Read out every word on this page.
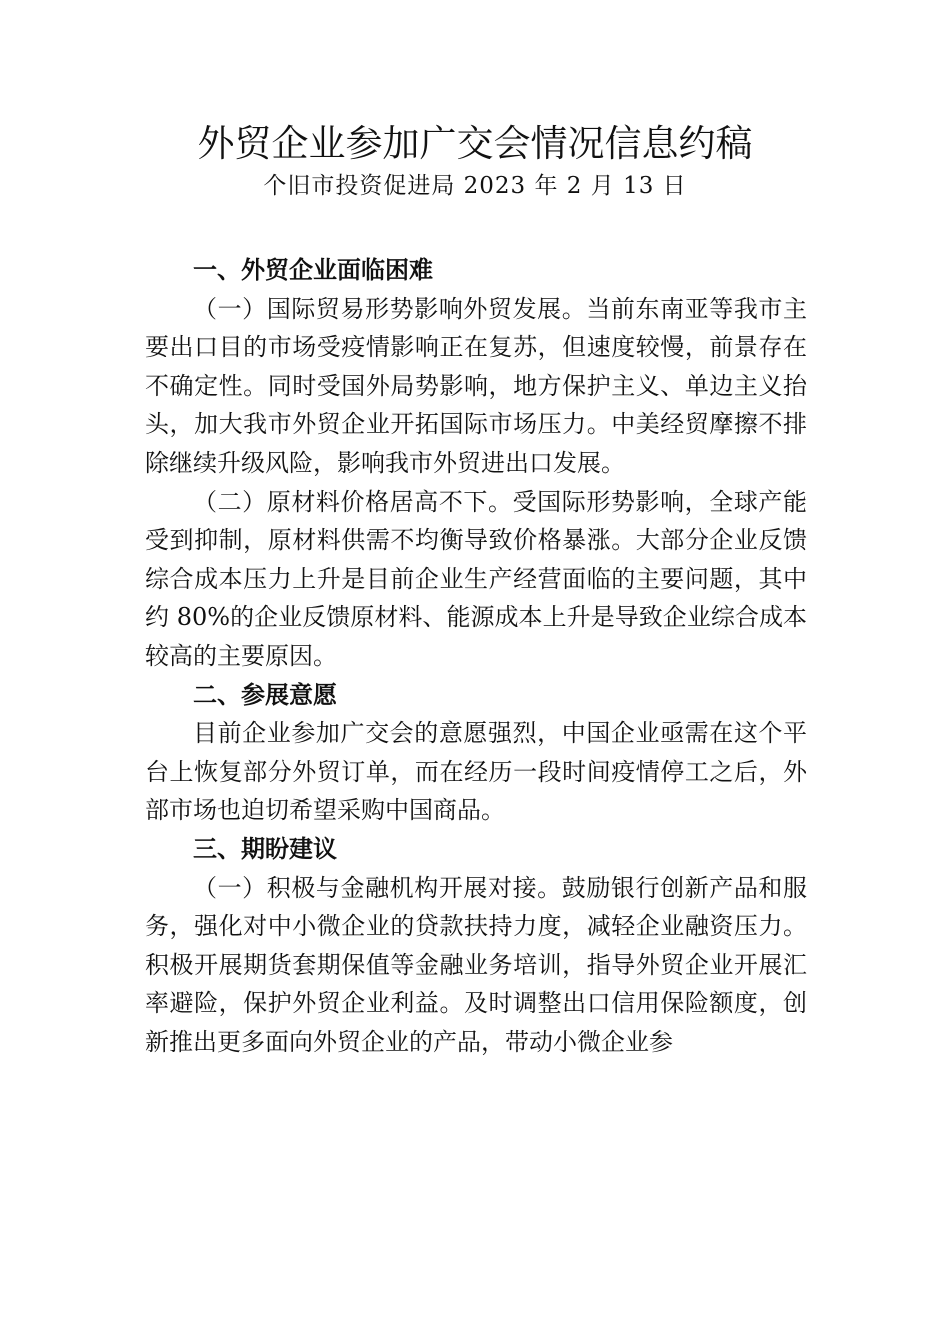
外贸企业参加广交会情况信息约稿
个旧市投资促进局 2023 年 2 月 13 日
一、外贸企业面临困难

（一）国际贸易形势影响外贸发展。当前东南亚等我市主要出口目的市场受疫情影响正在复苏，但速度较慢，前景存在不确定性。同时受国外局势影响，地方保护主义、单边主义抬头，加大我市外贸企业开拓国际市场压力。中美经贸摩擦不排除继续升级风险，影响我市外贸进出口发展。

（二）原材料价格居高不下。受国际形势影响，全球产能受到抑制，原材料供需不均衡导致价格暴涨。大部分企业反馈综合成本压力上升是目前企业生产经营面临的主要问题，其中约 80%的企业反馈原材料、能源成本上升是导致企业综合成本较高的主要原因。

二、参展意愿

目前企业参加广交会的意愿强烈，中国企业亟需在这个平台上恢复部分外贸订单，而在经历一段时间疫情停工之后，外部市场也迫切希望采购中国商品。

三、期盼建议

（一）积极与金融机构开展对接。鼓励银行创新产品和服务，强化对中小微企业的贷款扶持力度，减轻企业融资压力。积极开展期货套期保值等金融业务培训，指导外贸企业开展汇率避险，保护外贸企业利益。及时调整出口信用保险额度，创新推出更多面向外贸企业的产品，带动小微企业参
